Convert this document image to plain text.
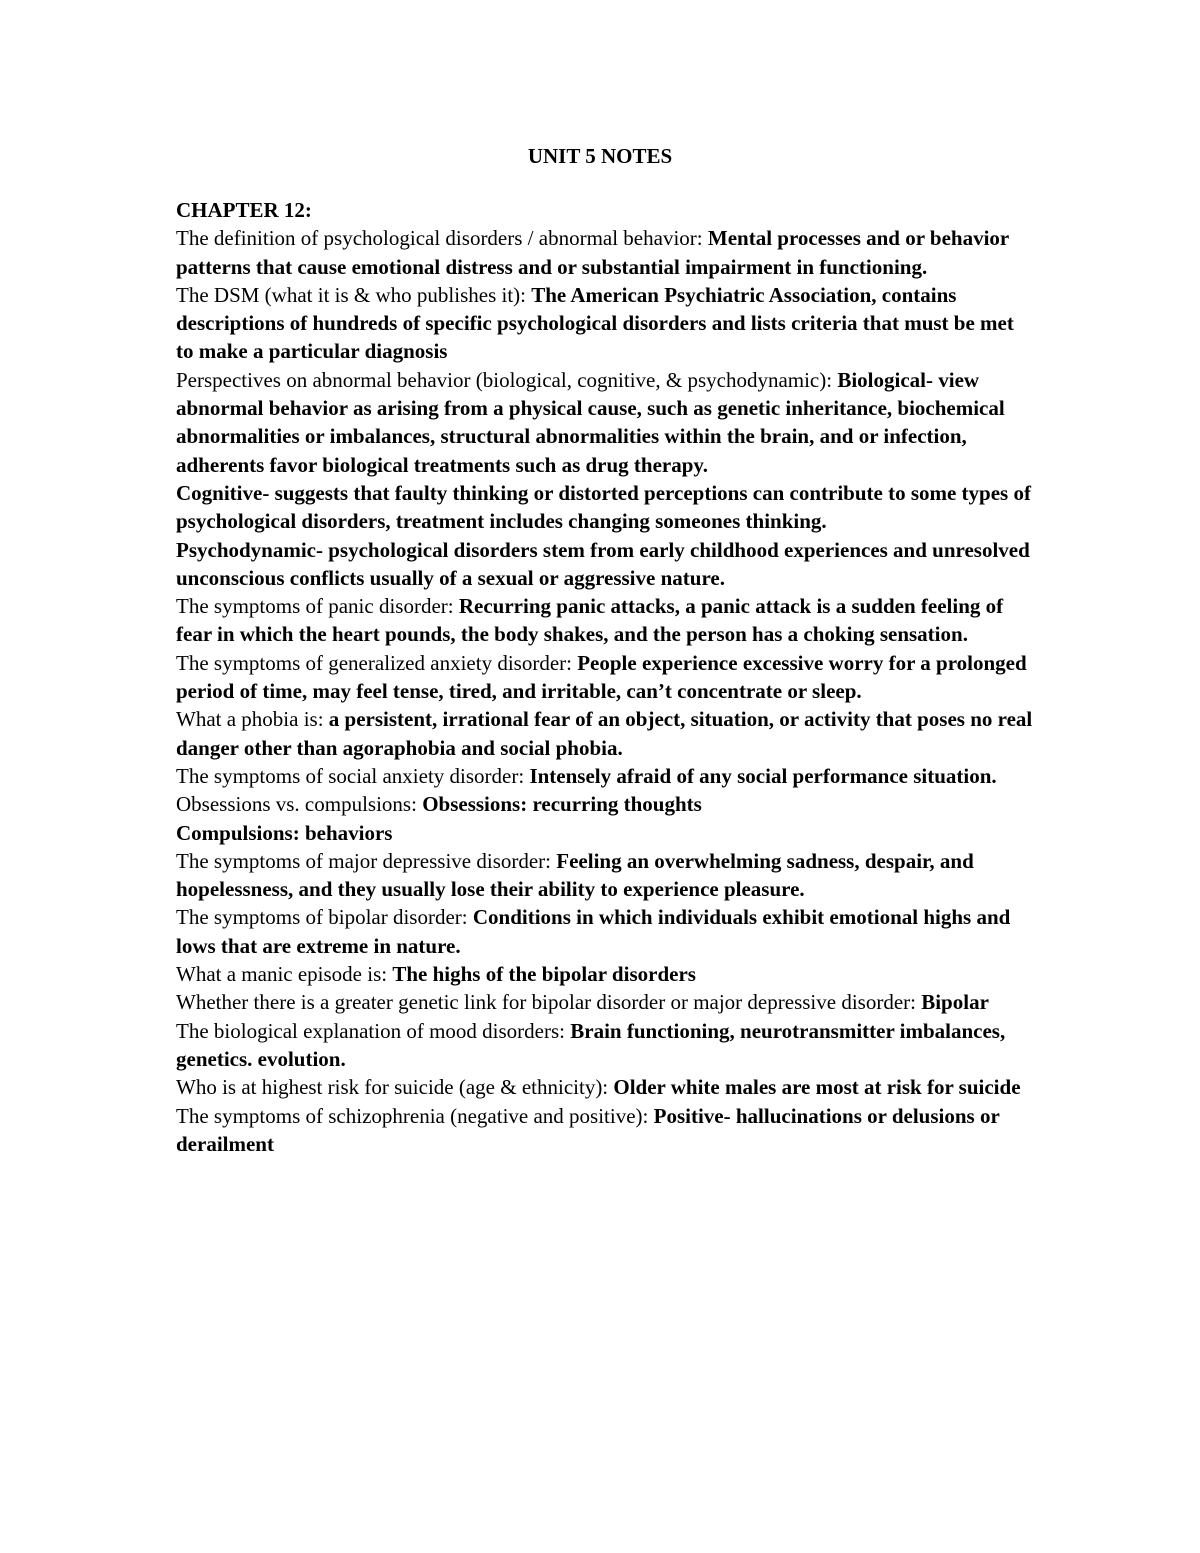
UNIT 5 NOTES
CHAPTER 12:

The definition of psychological disorders / abnormal behavior: Mental processes and or behavior patterns that cause emotional distress and or substantial impairment in functioning.

The DSM (what it is & who publishes it): The American Psychiatric Association, contains descriptions of hundreds of specific psychological disorders and lists criteria that must be met to make a particular diagnosis

Perspectives on abnormal behavior (biological, cognitive, & psychodynamic): Biological- view abnormal behavior as arising from a physical cause, such as genetic inheritance, biochemical abnormalities or imbalances, structural abnormalities within the brain, and or infection, adherents favor biological treatments such as drug therapy.

Cognitive- suggests that faulty thinking or distorted perceptions can contribute to some types of psychological disorders, treatment includes changing someones thinking.

Psychodynamic- psychological disorders stem from early childhood experiences and unresolved unconscious conflicts usually of a sexual or aggressive nature.

The symptoms of panic disorder: Recurring panic attacks, a panic attack is a sudden feeling of fear in which the heart pounds, the body shakes, and the person has a choking sensation.

The symptoms of generalized anxiety disorder: People experience excessive worry for a prolonged period of time, may feel tense, tired, and irritable, can’t concentrate or sleep.

What a phobia is: a persistent, irrational fear of an object, situation, or activity that poses no real danger other than agoraphobia and social phobia.

The symptoms of social anxiety disorder: Intensely afraid of any social performance situation.

Obsessions vs. compulsions: Obsessions: recurring thoughts

Compulsions: behaviors

The symptoms of major depressive disorder: Feeling an overwhelming sadness, despair, and hopelessness, and they usually lose their ability to experience pleasure.

The symptoms of bipolar disorder: Conditions in which individuals exhibit emotional highs and lows that are extreme in nature.

What a manic episode is: The highs of the bipolar disorders

Whether there is a greater genetic link for bipolar disorder or major depressive disorder: Bipolar

The biological explanation of mood disorders: Brain functioning, neurotransmitter imbalances, genetics. evolution.

Who is at highest risk for suicide (age & ethnicity): Older white males are most at risk for suicide

The symptoms of schizophrenia (negative and positive): Positive- hallucinations or delusions or derailment
